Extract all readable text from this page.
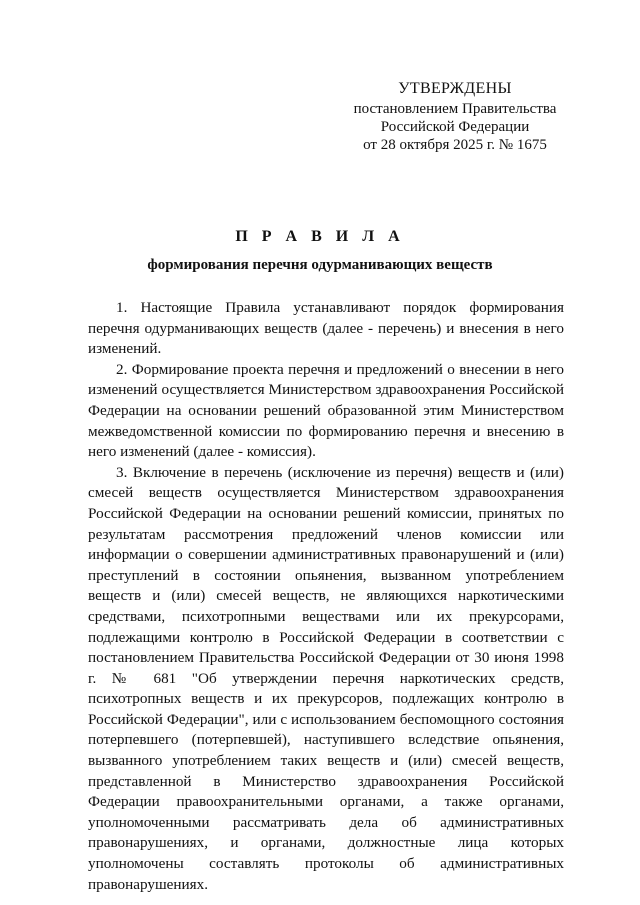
УТВЕРЖДЕНЫ
постановлением Правительства
Российской Федерации
от 28 октября 2025 г. № 1675
П Р А В И Л А
формирования перечня одурманивающих веществ

1. Настоящие Правила устанавливают порядок формирования перечня одурманивающих веществ (далее - перечень) и внесения в него изменений.

2. Формирование проекта перечня и предложений о внесении в него изменений осуществляется Министерством здравоохранения Российской Федерации на основании решений образованной этим Министерством межведомственной комиссии по формированию перечня и внесению в него изменений (далее - комиссия).

3. Включение в перечень (исключение из перечня) веществ и (или) смесей веществ осуществляется Министерством здравоохранения Российской Федерации на основании решений комиссии, принятых по результатам рассмотрения предложений членов комиссии или информации о совершении административных правонарушений и (или) преступлений в состоянии опьянения, вызванном употреблением веществ и (или) смесей веществ, не являющихся наркотическими средствами, психотропными веществами или их прекурсорами, подлежащими контролю в Российской Федерации в соответствии с постановлением Правительства Российской Федерации от 30 июня 1998 г. № 681 "Об утверждении перечня наркотических средств, психотропных веществ и их прекурсоров, подлежащих контролю в Российской Федерации", или с использованием беспомощного состояния потерпевшего (потерпевшей), наступившего вследствие опьянения, вызванного употреблением таких веществ и (или) смесей веществ, представленной в Министерство здравоохранения Российской Федерации правоохранительными органами, а также органами, уполномоченными рассматривать дела об административных правонарушениях, и органами, должностные лица которых уполномочены составлять протоколы об административных правонарушениях.
